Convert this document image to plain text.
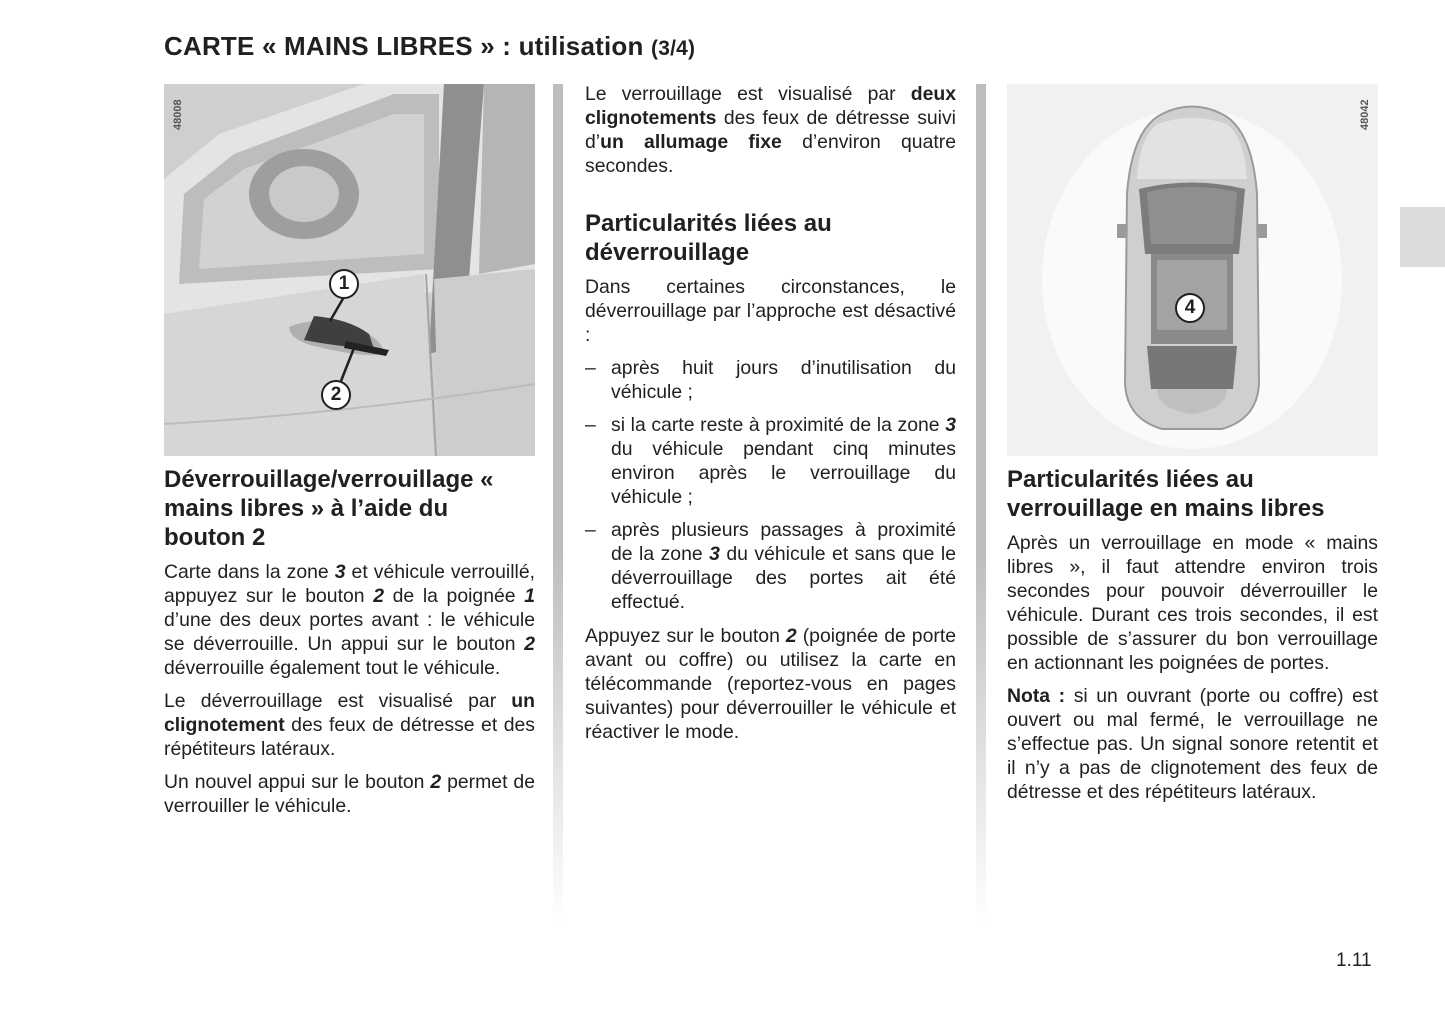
CARTE « MAINS LIBRES » : utilisation (3/4)
48008
1
2
Déverrouillage/verrouillage « mains libres » à l’aide du bouton 2

Carte dans la zone 3 et véhicule verrouillé, appuyez sur le bouton 2 de la poignée 1 d’une des deux portes avant : le véhicule se déverrouille. Un appui sur le bouton 2 déverrouille également tout le véhicule.

Le déverrouillage est visualisé par un clignotement des feux de détresse et des répétiteurs latéraux.

Un nouvel appui sur le bouton 2 permet de verrouiller le véhicule.

Le verrouillage est visualisé par deux clignotements des feux de détresse suivi d’un allumage fixe d’environ quatre secondes.

Particularités liées au déverrouillage

Dans certaines circonstances, le déverrouillage par l’approche est désactivé :

– après huit jours d’inutilisation du véhicule ;
– si la carte reste à proximité de la zone 3 du véhicule pendant cinq minutes environ après le verrouillage du véhicule ;
– après plusieurs passages à proximité de la zone 3 du véhicule et sans que le déverrouillage des portes ait été effectué.

Appuyez sur le bouton 2 (poignée de porte avant ou coffre) ou utilisez la carte en télécommande (reportez-vous en pages suivantes) pour déverrouiller le véhicule et réactiver le mode.

48042
4
Particularités liées au verrouillage en mains libres

Après un verrouillage en mode « mains libres », il faut attendre environ trois secondes pour pouvoir déverrouiller le véhicule. Durant ces trois secondes, il est possible de s’assurer du bon verrouillage en actionnant les poignées de portes.

Nota : si un ouvrant (porte ou coffre) est ouvert ou mal fermé, le verrouillage ne s’effectue pas. Un signal sonore retentit et il n’y a pas de clignotement des feux de détresse et des répétiteurs latéraux.

1.11
